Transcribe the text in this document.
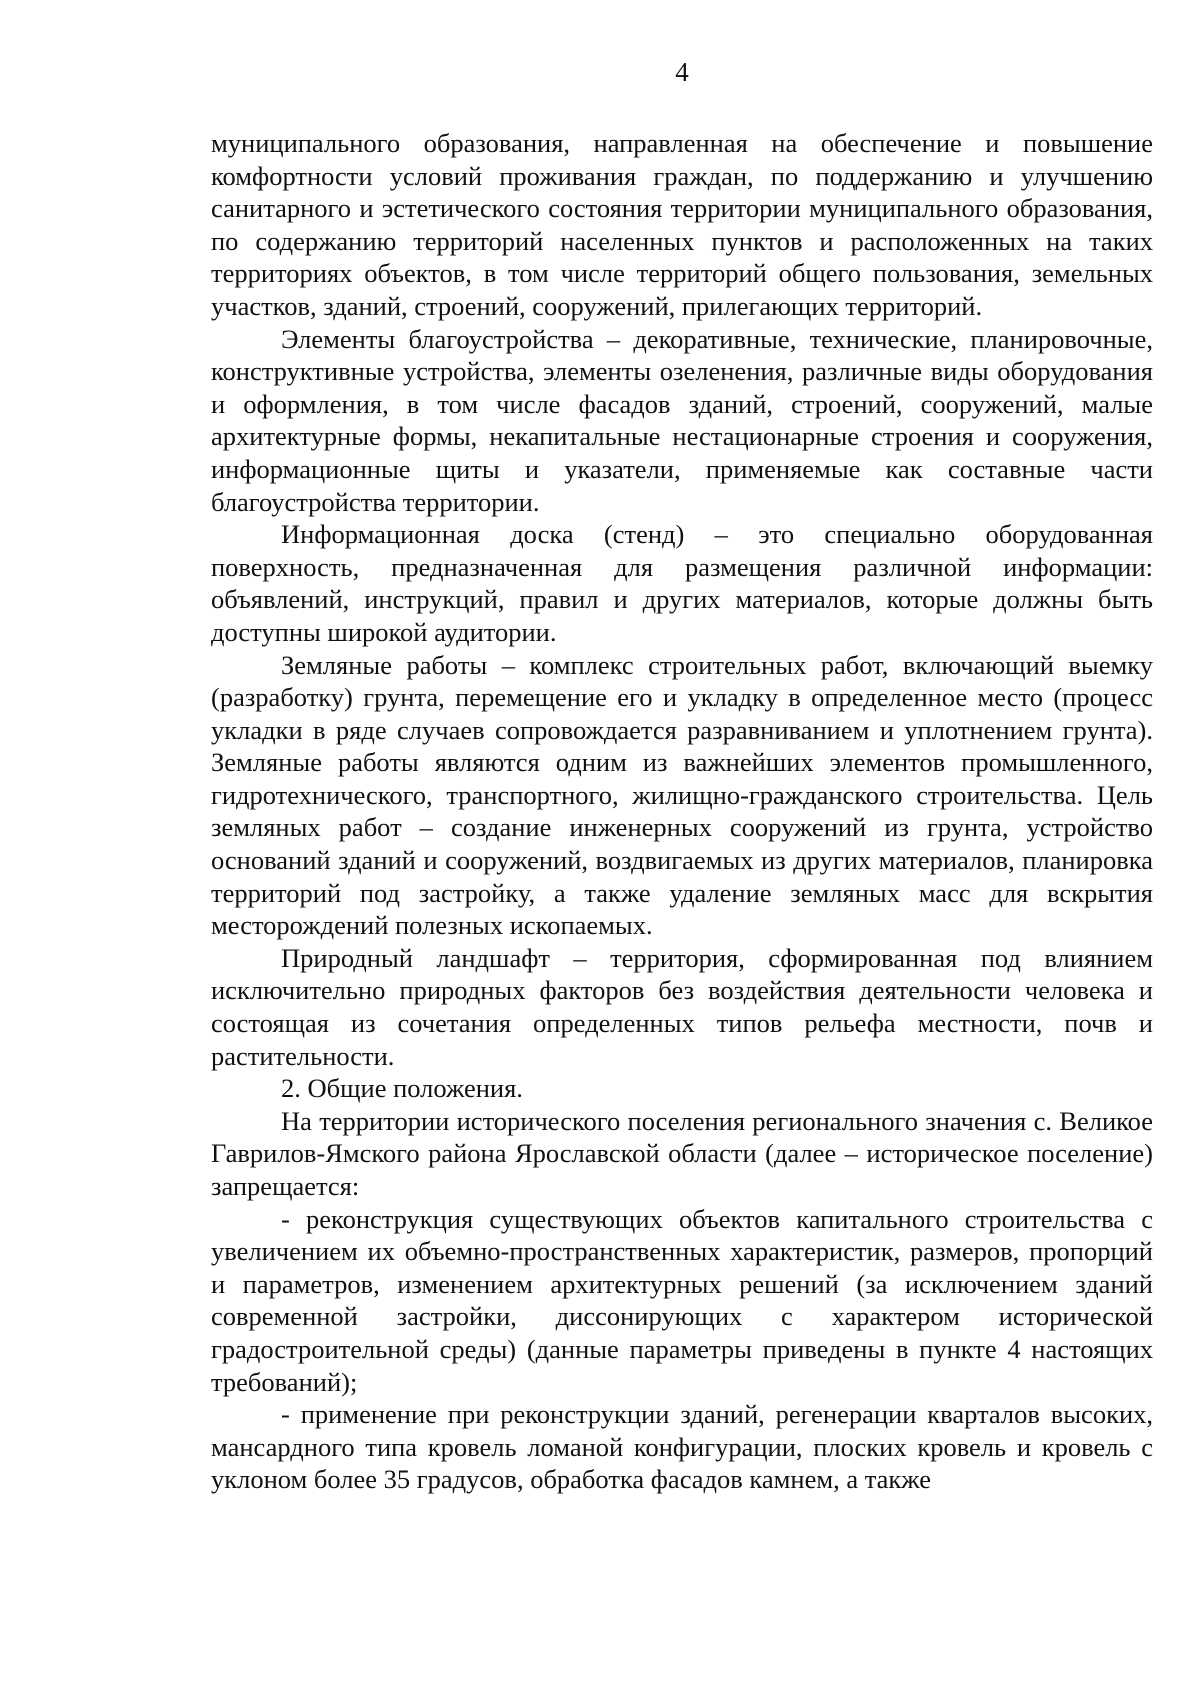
4

муниципального образования, направленная на обеспечение и повышение комфортности условий проживания граждан, по поддержанию и улучшению санитарного и эстетического состояния территории муниципального образования, по содержанию территорий населенных пунктов и расположенных на таких территориях объектов, в том числе территорий общего пользования, земельных участков, зданий, строений, сооружений, прилегающих территорий.

Элементы благоустройства – декоративные, технические, планировочные, конструктивные устройства, элементы озеленения, различные виды оборудования и оформления, в том числе фасадов зданий, строений, сооружений, малые архитектурные формы, некапитальные нестационарные строения и сооружения, информационные щиты и указатели, применяемые как составные части благоустройства территории.

Информационная доска (стенд) – это специально оборудованная поверхность, предназначенная для размещения различной информации: объявлений, инструкций, правил и других материалов, которые должны быть доступны широкой аудитории.

Земляные работы – комплекс строительных работ, включающий выемку (разработку) грунта, перемещение его и укладку в определенное место (процесс укладки в ряде случаев сопровождается разравниванием и уплотнением грунта). Земляные работы являются одним из важнейших элементов промышленного, гидротехнического, транспортного, жилищно-гражданского строительства. Цель земляных работ – создание инженерных сооружений из грунта, устройство оснований зданий и сооружений, воздвигаемых из других материалов, планировка территорий под застройку, а также удаление земляных масс для вскрытия месторождений полезных ископаемых.

Природный ландшафт – территория, сформированная под влиянием исключительно природных факторов без воздействия деятельности человека и состоящая из сочетания определенных типов рельефа местности, почв и растительности.

2. Общие положения.

На территории исторического поселения регионального значения с. Великое Гаврилов-Ямского района Ярославской области (далее – историческое поселение) запрещается:

- реконструкция существующих объектов капитального строительства с увеличением их объемно-пространственных характеристик, размеров, пропорций и параметров, изменением архитектурных решений (за исключением зданий современной застройки, диссонирующих с характером исторической градостроительной среды) (данные параметры приведены в пункте 4 настоящих требований);

- применение при реконструкции зданий, регенерации кварталов высоких, мансардного типа кровель ломаной конфигурации, плоских кровель и кровель с уклоном более 35 градусов, обработка фасадов камнем, а также
